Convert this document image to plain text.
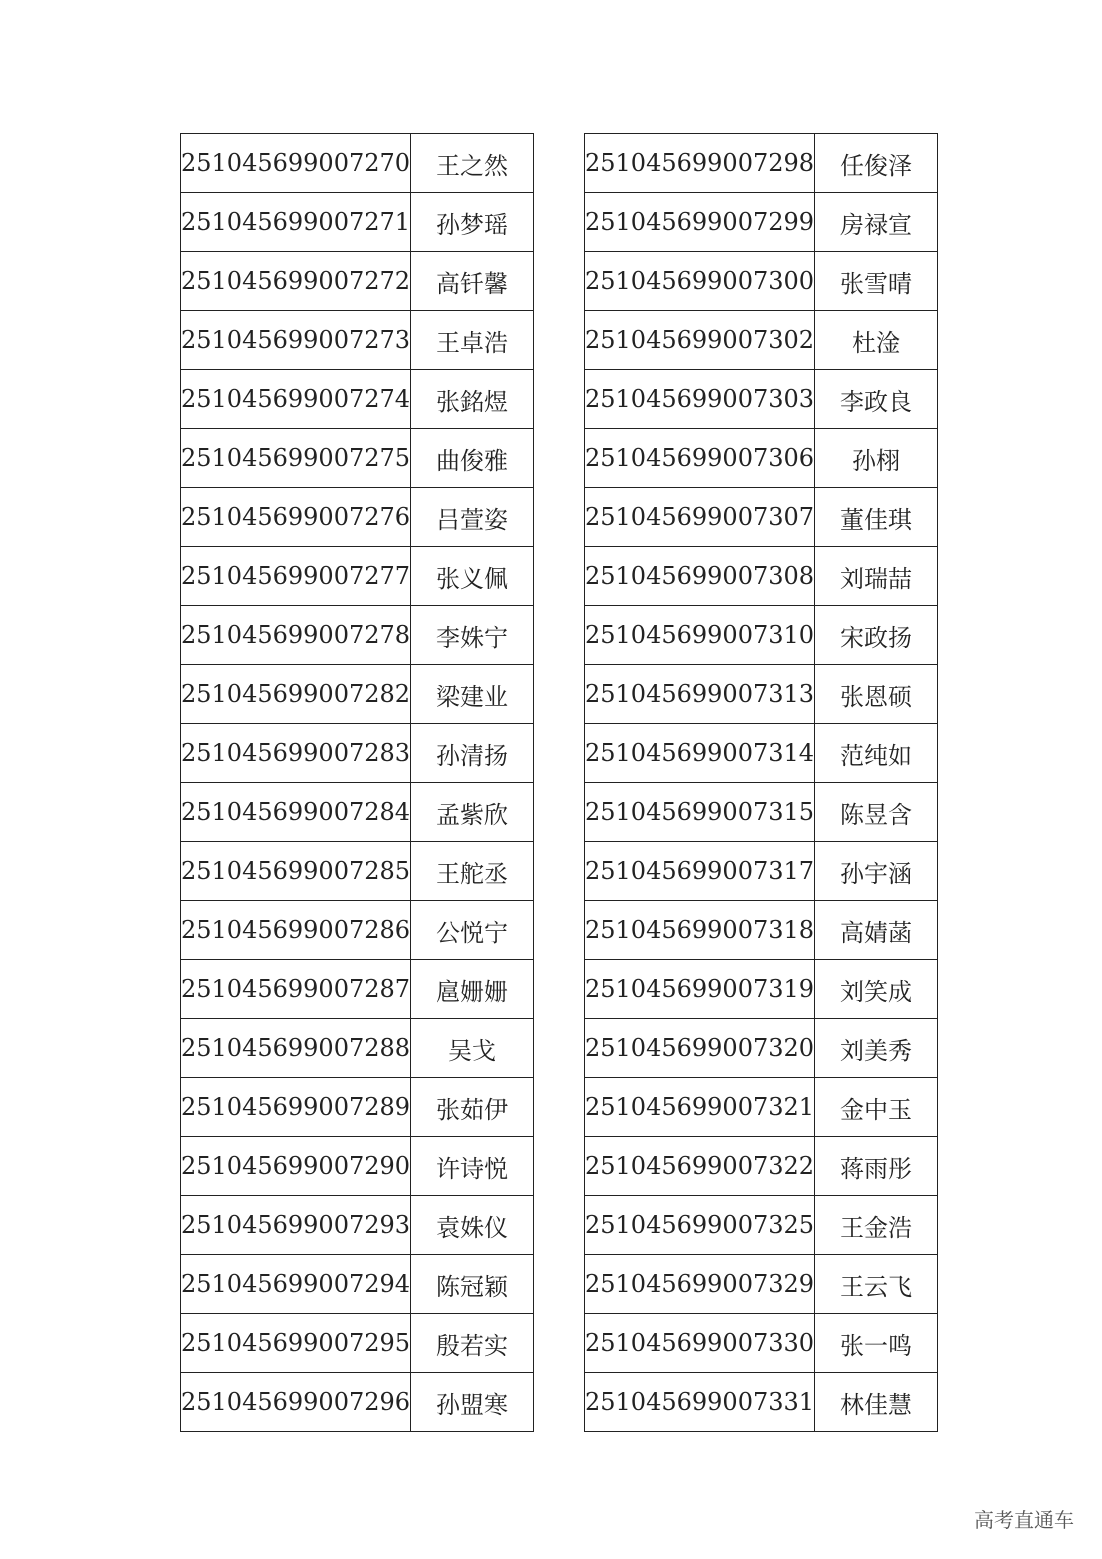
251045699007270	王之然
251045699007271	孙梦瑶
251045699007272	高钎馨
251045699007273	王卓浩
251045699007274	张銘煜
251045699007275	曲俊雅
251045699007276	吕萱姿
251045699007277	张义佩
251045699007278	李姝宁
251045699007282	梁建业
251045699007283	孙清扬
251045699007284	孟紫欣
251045699007285	王舵丞
251045699007286	公悦宁
251045699007287	扈姗姗
251045699007288	吴戈
251045699007289	张茹伊
251045699007290	许诗悦
251045699007293	袁姝仪
251045699007294	陈冠颖
251045699007295	殷若实
251045699007296	孙盟寒
251045699007298	任俊泽
251045699007299	房禄宣
251045699007300	张雪晴
251045699007302	杜淦
251045699007303	李政良
251045699007306	孙栩
251045699007307	董佳琪
251045699007308	刘瑞喆
251045699007310	宋政扬
251045699007313	张恩硕
251045699007314	范纯如
251045699007315	陈昱含
251045699007317	孙宇涵
251045699007318	高婧菡
251045699007319	刘笑成
251045699007320	刘美秀
251045699007321	金中玉
251045699007322	蒋雨彤
251045699007325	王金浩
251045699007329	王云飞
251045699007330	张一鸣
251045699007331	林佳慧
高考直通车
